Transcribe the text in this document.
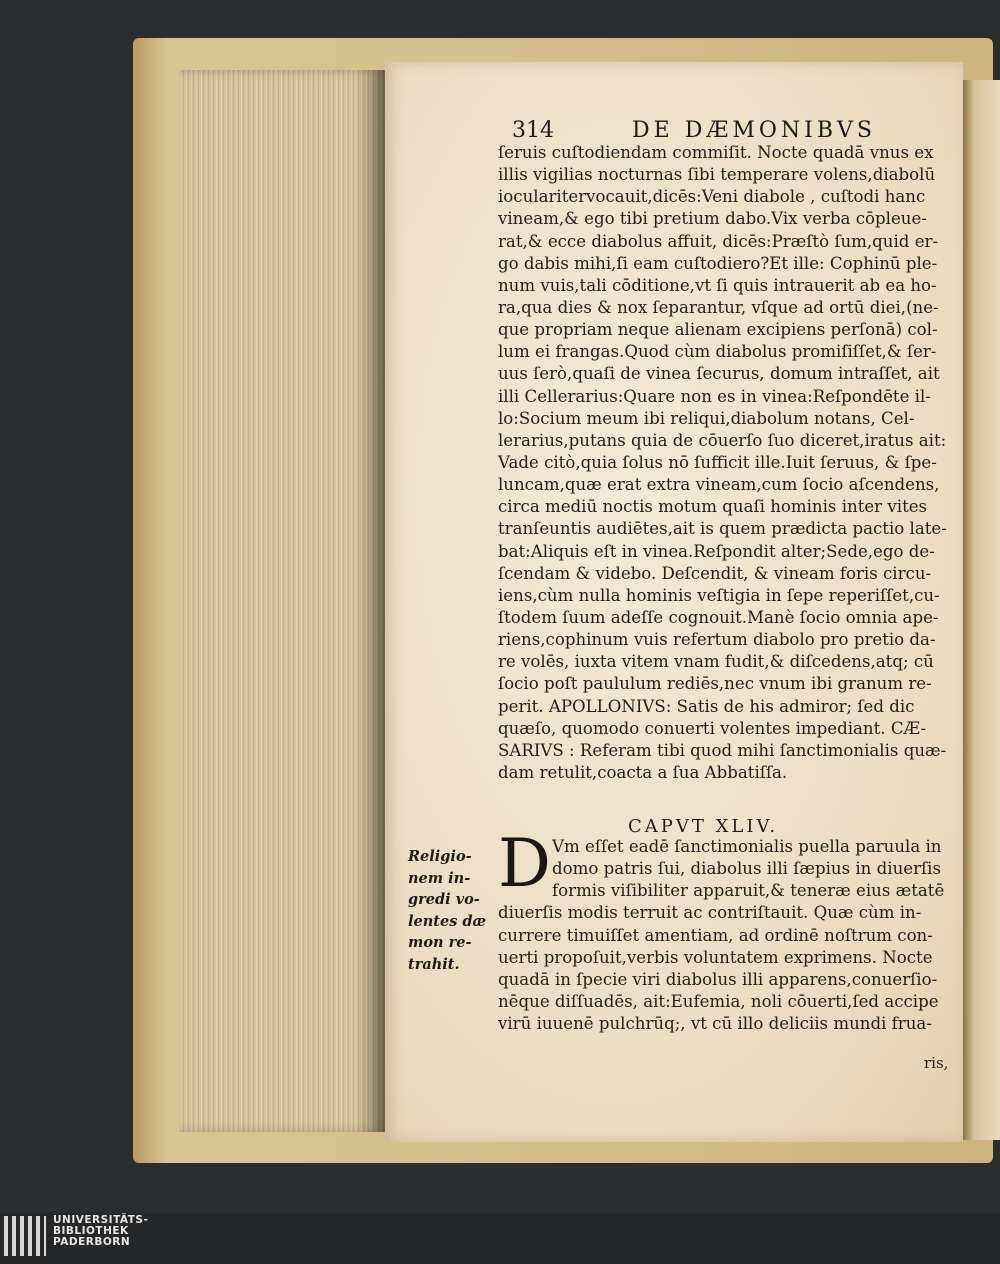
314	DE DÆMONIBVS
ſeruis cuſtodiendam commiſit. Nocte quadā vnus ex
illis vigilias nocturnas ſibi temperare volens,diabolū
iocularitervocauit,dicēs:Veni diabole , cuſtodi hanc
vineam,& ego tibi pretium dabo.Vix verba cōpleue-
rat,& ecce diabolus affuit, dicēs:Præſtò ſum,quid er-
go dabis mihi,ſi eam cuſtodiero?Et ille: Cophinū ple-
num vuis,tali cōditione,vt ſi quis intrauerit ab ea ho-
ra,qua dies & nox ſeparantur, vſque ad ortū diei,(ne-
que propriam neque alienam excipiens perſonā) col-
lum ei frangas.Quod cùm diabolus promiſiſſet,& ſer-
uus ſerò,quaſi de vinea ſecurus, domum intraſſet, ait
illi Cellerarius:Quare non es in vinea:Reſpondēte il-
lo:Socium meum ibi reliqui,diabolum notans, Cel-
lerarius,putans quia de cōuerſo ſuo diceret,iratus ait:
Vade citò,quia ſolus nō ſufficit ille.Iuit ſeruus, & ſpe-
luncam,quæ erat extra vineam,cum ſocio aſcendens,
circa mediū noctis motum quaſi hominis inter vites
tranſeuntis audiētes,ait is quem prædicta pactio late-
bat:Aliquis eſt in vinea.Reſpondit alter;Sede,ego de-
ſcendam & videbo. Deſcendit, & vineam foris circu-
iens,cùm nulla hominis veſtigia in ſepe reperiſſet,cu-
ſtodem ſuum adeſſe cognouit.Manè ſocio omnia ape-
riens,cophinum vuis refertum diabolo pro pretio da-
re volēs, iuxta vitem vnam fudit,& diſcedens,atq; cū
ſocio poſt paululum rediēs,nec vnum ibi granum re-
perit. APOLLONIVS: Satis de his admiror; ſed dic
quæſo, quomodo conuerti volentes impediant. CÆ-
SARIVS : Referam tibi quod mihi ſanctimonialis quæ-
dam retulit,coacta a ſua Abbatiſſa.
CAPVT XLIV.
D Vm eſſet eadē ſanctimonialis puella paruula in
domo patris ſui, diabolus illi ſæpius in diuerſis
formis viſibiliter apparuit,& teneræ eius ætatē
diuerſis modis terruit ac contriſtauit. Quæ cùm in-
currere timuiſſet amentiam, ad ordinē noſtrum con-
uerti propoſuit,verbis voluntatem exprimens. Nocte
quadā in ſpecie viri diabolus illi apparens,conuerſio-
nēque diſſuadēs, ait:Eufemia, noli cōuerti,ſed accipe
virū iuuenē pulchrūq;, vt cū illo deliciis mundi frua-
ris,
Religio-
nem in-
gredi vo-
lentes dæ
mon re-
trahit.
UNIVERSITÄTS-
BIBLIOTHEK
PADERBORN
